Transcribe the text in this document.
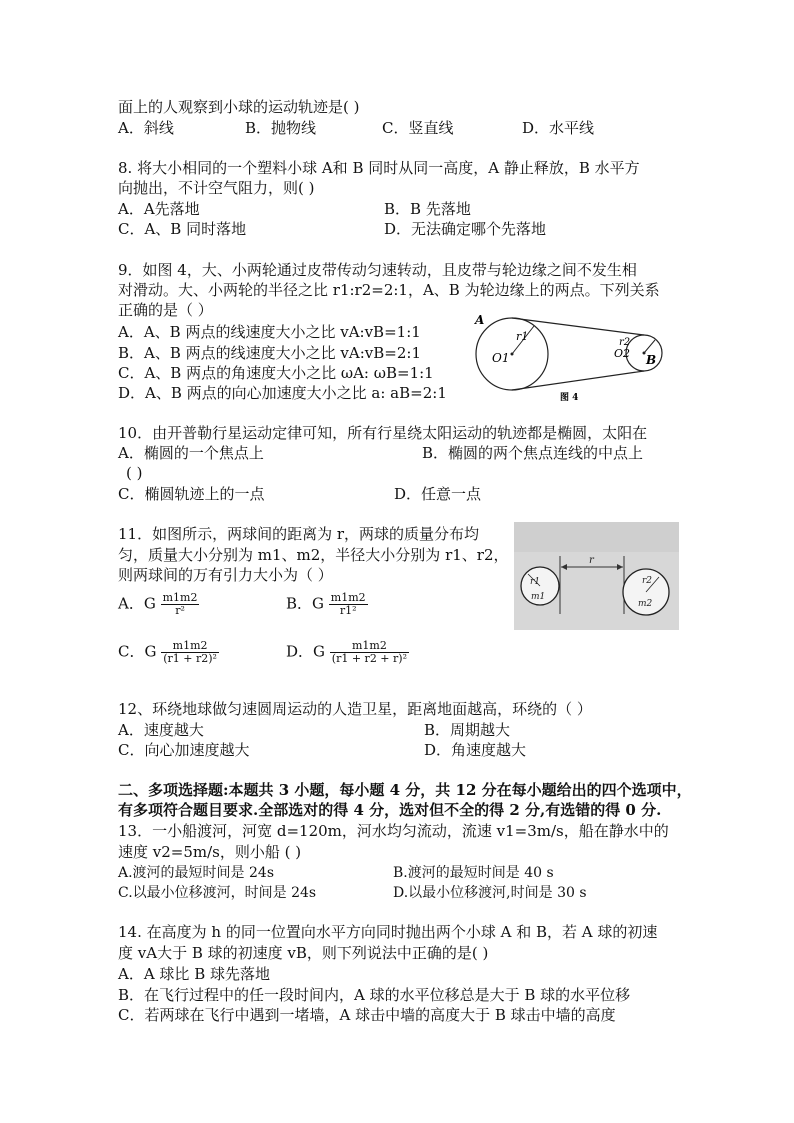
面上的人观察到小球的运动轨迹是( )
A．斜线	B．抛物线	C．竖直线	D．水平线
8. 将大小相同的一个塑料小球 A和 B 同时从同一高度，A 静止释放，B 水平方
向抛出，不计空气阻力，则( )
A．A先落地	B．B 先落地
C．A、B 同时落地	D．无法确定哪个先落地
9．如图 4，大、小两轮通过皮带传动匀速转动，且皮带与轮边缘之间不发生相
对滑动。大、小两轮的半径之比 r1:r2=2:1，A、B 为轮边缘上的两点。下列关系
正确的是（ ）
A．A、B 两点的线速度大小之比 vA:vB=1:1
B．A、B 两点的线速度大小之比 vA:vB=2:1
C．A、B 两点的角速度大小之比 ωA: ωB=1:1
D．A、B 两点的向心加速度大小之比 a: aB=2:1
A
B
O1	O2
r1	r2
图 4
10．由开普勒行星运动定律可知，所有行星绕太阳运动的轨迹都是椭圆，太阳在
A．椭圆的一个焦点上	B．椭圆的两个焦点连线的中点上
( )
C．椭圆轨迹上的一点	D．任意一点
11．如图所示，两球间的距离为 r，两球的质量分布均
匀，质量大小分别为 m1、m2，半径大小分别为 r1、r2，
则两球间的万有引力大小为（ ）
A．G $\frac{m1m2}{\text{r²}}$	B．G $\frac{m1m2}{\text{r1²}}$
C．G $\frac{m1m2}{\text{(r1 + r2)²}}$	D．G $\frac{m1m2}{\text{(r1 + r2 + r)²}}$
r
r1
m1
r2
m2
12、环绕地球做匀速圆周运动的人造卫星，距离地面越高，环绕的（ ）
A．速度越大	B．周期越大
C．向心加速度越大	D．角速度越大
二、多项选择题:本题共 3 小题，每小题 4 分，共 12 分在每小题给出的四个选项中，
有多项符合题目要求.全部选对的得 4 分，选对但不全的得 2 分,有选错的得 0 分.
13．一小船渡河，河宽 d=120m，河水均匀流动，流速 v1=3m/s，船在静水中的
速度 v2=5m/s，则小船 ( )
A.渡河的最短时间是 24s	B.渡河的最短时间是 40 s
C.以最小位移渡河，时间是 24s	D.以最小位移渡河,时间是 30 s
14. 在高度为 h 的同一位置向水平方向同时抛出两个小球 A 和 B，若 A 球的初速
度 vA大于 B 球的初速度 vB，则下列说法中正确的是( )
A．A 球比 B 球先落地
B．在飞行过程中的任一段时间内，A 球的水平位移总是大于 B 球的水平位移
C．若两球在飞行中遇到一堵墙，A 球击中墙的高度大于 B 球击中墙的高度
